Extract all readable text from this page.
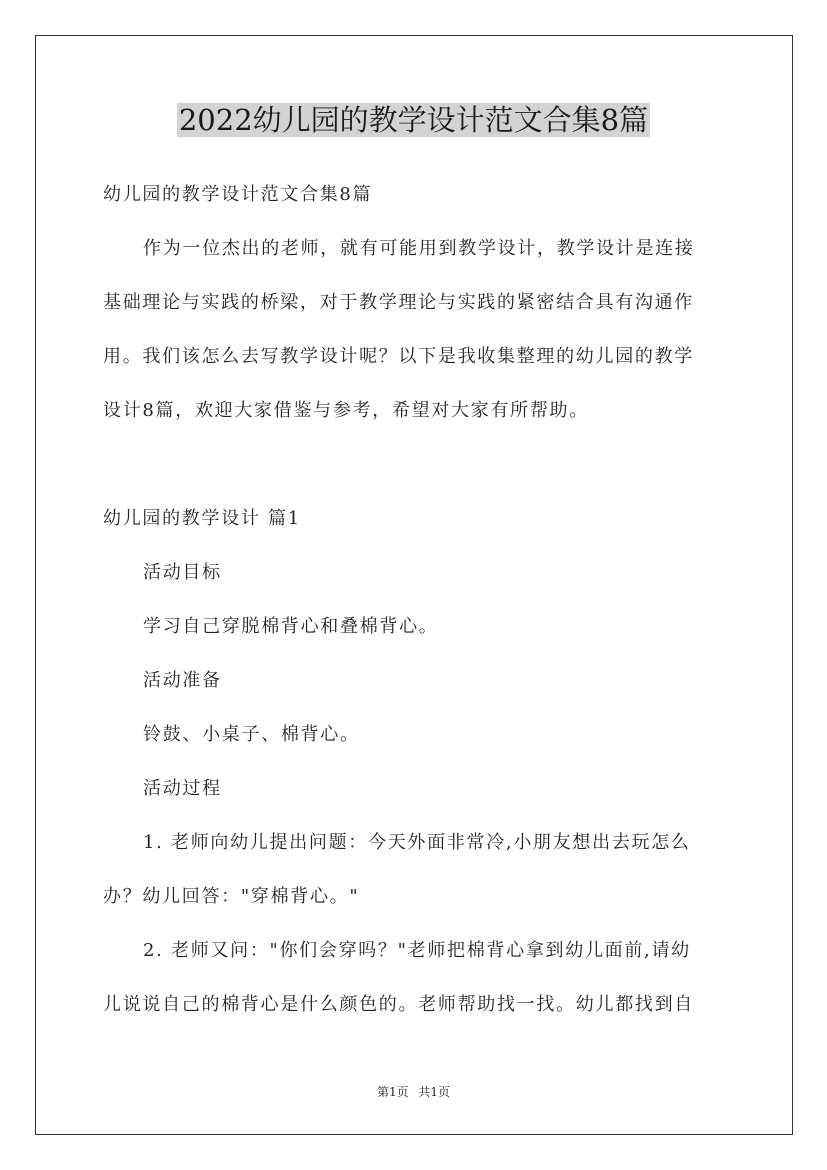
2022幼儿园的教学设计范文合集8篇
幼儿园的教学设计范文合集8篇
作为一位杰出的老师，就有可能用到教学设计，教学设计是连接
基础理论与实践的桥梁，对于教学理论与实践的紧密结合具有沟通作
用。我们该怎么去写教学设计呢？以下是我收集整理的幼儿园的教学
设计8篇，欢迎大家借鉴与参考，希望对大家有所帮助。
幼儿园的教学设计 篇1
活动目标
学习自己穿脱棉背心和叠棉背心。
活动准备
铃鼓、小桌子、棉背心。
活动过程
1. 老师向幼儿提出问题：今天外面非常冷,小朋友想出去玩怎么
办？幼儿回答："穿棉背心。"
2. 老师又问："你们会穿吗？"老师把棉背心拿到幼儿面前,请幼
儿说说自己的棉背心是什么颜色的。老师帮助找一找。幼儿都找到自
第1页 共1页
